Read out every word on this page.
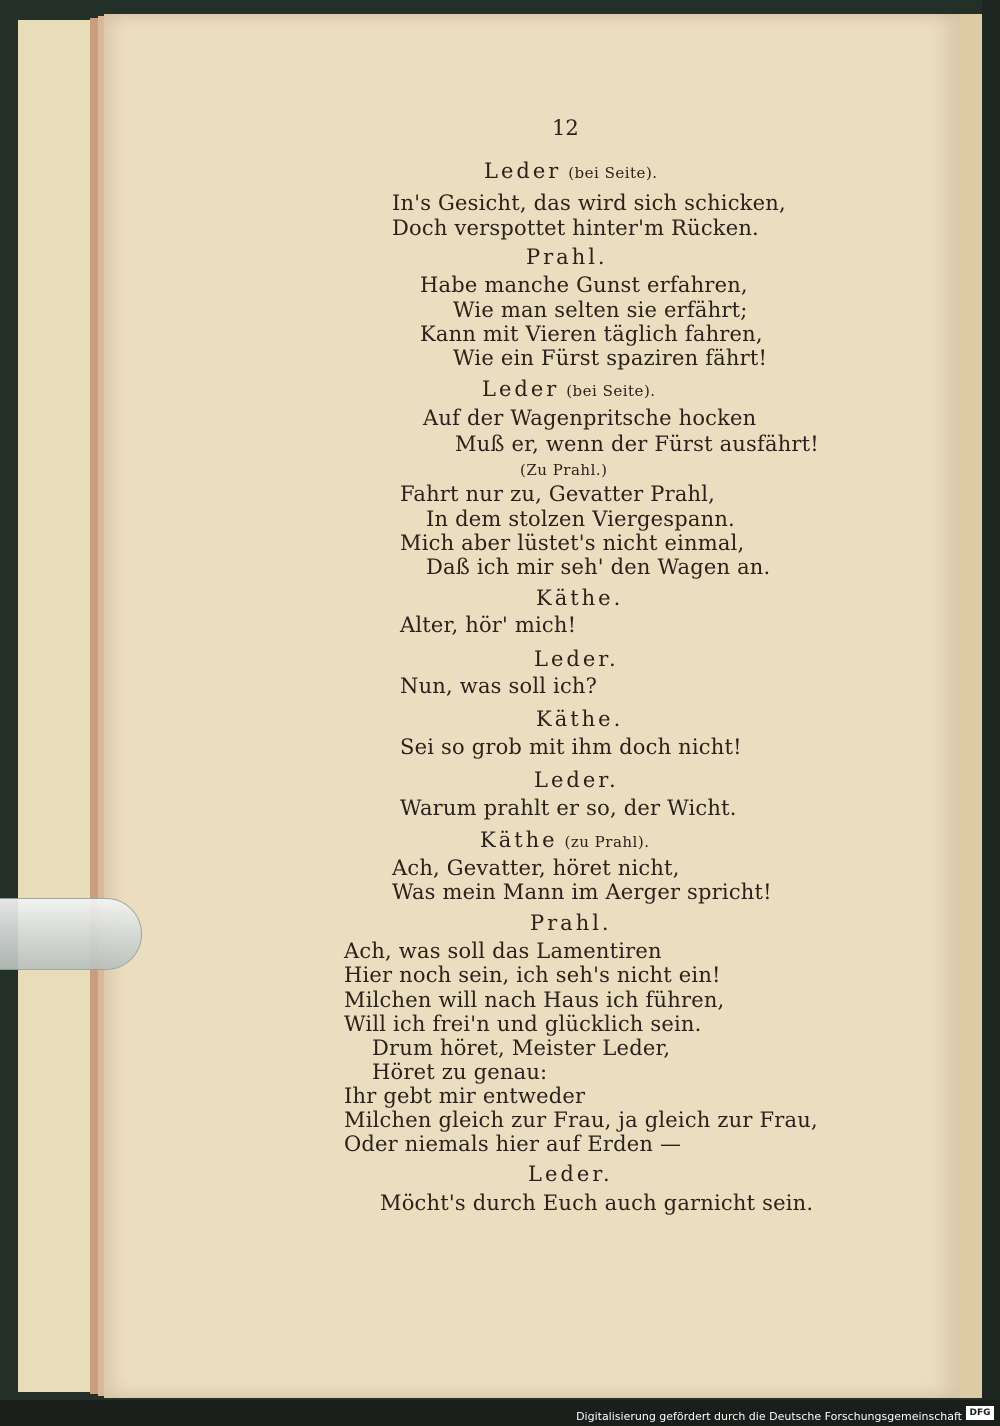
12
Leder (bei Seite).
In's Gesicht, das wird sich schicken,
Doch verspottet hinter'm Rücken.
Prahl.
Habe manche Gunst erfahren,
Wie man selten sie erfährt;
Kann mit Vieren täglich fahren,
Wie ein Fürst spaziren fährt!
Leder (bei Seite).
Auf der Wagenpritsche hocken
Muß er, wenn der Fürst ausfährt!
(Zu Prahl.)
Fahrt nur zu, Gevatter Prahl,
In dem stolzen Viergespann.
Mich aber lüstet's nicht einmal,
Daß ich mir seh' den Wagen an.
Käthe.
Alter, hör' mich!
Leder.
Nun, was soll ich?
Käthe.
Sei so grob mit ihm doch nicht!
Leder.
Warum prahlt er so, der Wicht.
Käthe (zu Prahl).
Ach, Gevatter, höret nicht,
Was mein Mann im Aerger spricht!
Prahl.
Ach, was soll das Lamentiren
Hier noch sein, ich seh's nicht ein!
Milchen will nach Haus ich führen,
Will ich frei'n und glücklich sein.
Drum höret, Meister Leder,
Höret zu genau:
Ihr gebt mir entweder
Milchen gleich zur Frau, ja gleich zur Frau,
Oder niemals hier auf Erden —
Leder.
Möcht's durch Euch auch garnicht sein.
Digitalisierung gefördert durch die Deutsche Forschungsgemeinschaft DFG
